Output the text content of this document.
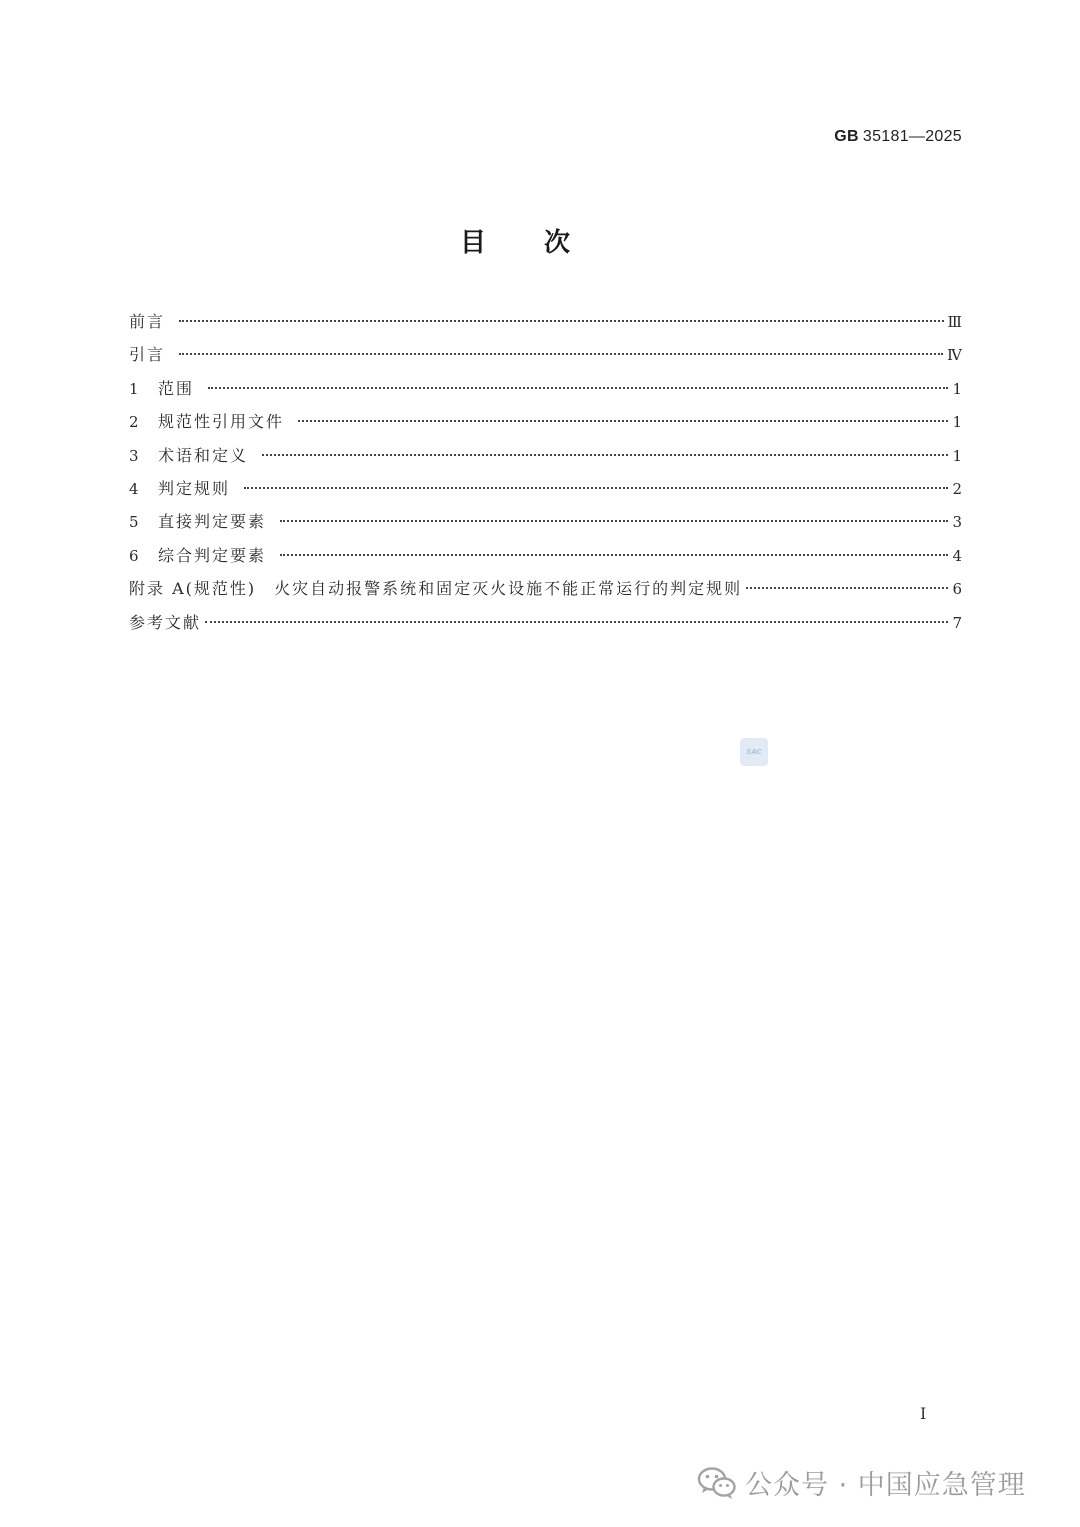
GB 35181—2025
目次
前言	Ⅲ
引言	Ⅳ
1	范围	1
2	规范性引用文件	1
3	术语和定义	1
4	判定规则	2
5	直接判定要素	3
6	综合判定要素	4
附录 A(规范性)　火灾自动报警系统和固定灭火设施不能正常运行的判定规则	6
参考文献	7
SAC
I
公众号 · 中国应急管理
